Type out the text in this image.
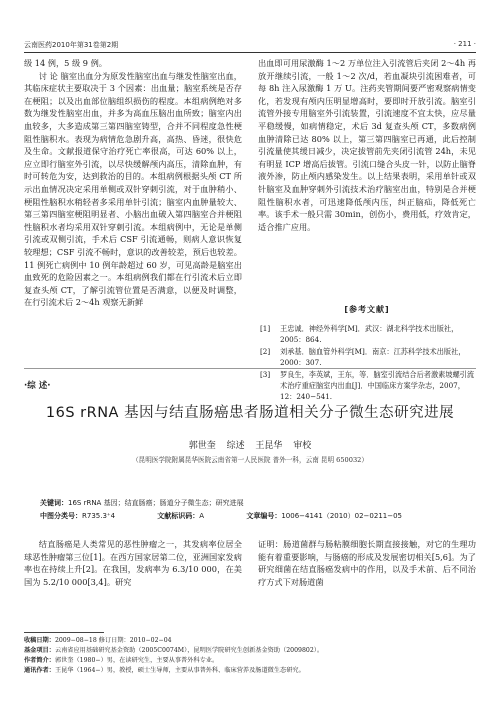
云南医药2010年第31卷第2期	· 211 ·

级 14 例，5 级 9 例。

讨 论 脑室出血分为原发性脑室出血与继发性脑室出血，其临床症状主要取决于 3 个因素：出血量；脑室系统是否存在梗阻；以及出血部位脑组织损伤的程度。本组病例绝对多数为继发性脑室出血，并多为高血压脑出血所致；脑室内出血较多，大多造成第三第四脑室铸型，合并不同程度急性梗阻性脑积水。表现为病情危急剧升高，高热、昏迷，很快危及生命。文献报道保守治疗死亡率很高，可达 60% 以上，应立即行脑室外引流，以尽快缓解颅内高压，清除血肿，有时可转危为安，达到救治的目的。本组病例根据头颅 CT 所示出血情况决定采用单侧或双针穿刺引流，对于血肿稍小、梗阻性脑积水稍轻者多采用单针引流；脑室内血肿量较大、第三第四脑室梗阻明显者、小脑出血破入第四脑室合并梗阻性脑积水者均采用双针穿刺引流。本组病例中，无论是单侧引流或双侧引流，手术后 CSF 引流通畅，则病人意识恢复较理想；CSF 引流不畅时，意识的改善较差，预后也较差。11 例死亡病例中 10 例年龄超过 60 岁，可见高龄是脑室出血致死的危险因素之一。本组病例我们都在行引流术后立即复查头颅 CT，了解引流管位置是否满意，以便及时调整，在行引流术后 2～4h 观察无新鲜

出血即可用尿激酶 1～2 万单位注入引流管后夹闭 2～4h 再放开继续引流，一般 1～2 次/d，若血凝块引流困难者，可每 8h 注入尿激酶 1 万 U。注药夹管期间要严密观察病情变化，若发现有颅内压明显增高时，要即时开放引流。脑室引流管外接专用脑室外引流装置，引流速度不宜太快，应尽量平稳缓慢，如病情稳定，术后 3d 复查头颅 CT，多数病例血肿清除已达 80% 以上，第三第四脑室已再通，此后控制引流量使其缓日减少，决定拔管前先夹闭引流管 24h，未见有明显 ICP 增高后拔管。引流口缝合头皮一针，以防止脑脊液外渗，防止颅内感染发生。以上结果表明，采用单针或双针脑室及血肿穿刺外引流技术治疗脑室出血，特别是合并梗阻性脑积水者，可迅速降低颅内压，纠正脑疝，降低死亡率。该手术一般只需 30min，创伤小，费用低，疗效肯定，适合推广应用。

[参考文献]
[1] 王忠诚．神经外科学[M]．武汉：湖北科学技术出版社，2005：864.
[2] 刘承基．脑血管外科学[M]．南京：江苏科学技术出版社，2000：307.
[3] 罗良生，李英斌，王东，等．脑室引流结合后者激素坡螺引流术治疗重症脑室内出血[J]．中国临床方案学杂志，2007，12：240−541.
·综 述·
16S rRNA 基因与结直肠癌患者肠道相关分子微生态研究进展
郭世奎 综述 王昆华 审校
（昆明医学院附属昆华医院云南省第一人民医院 普外一科，云南 昆明 650032）
关键词：16S rRNA 基因；结直肠癌；肠道分子微生态；研究进展
中图分类号：R735.3⁺4	文献标识码：A	文章编号：1006−4141（2010）02−0211−05

结直肠癌是人类常见的恶性肿瘤之一，其发病率位居全球恶性肿瘤第三位[1]。在西方国家居第二位，亚洲国家发病率也在持续上升[2]。在我国，发病率为 6.3/10 000，在美国为 5.2/10 000[3,4]。研究

证明：肠道菌群与肠粘膜细胞长期直接接触，对它的生理功能有着重要影响，与肠癌的形成及发展密切相关[5,6]。为了研究细菌在结直肠癌发病中的作用，以及手术前、后不同治疗方式下对肠道菌

收稿日期：2009−08−18 修订日期：2010−02−04
基金项目：云南省应用基础研究基金资助（2005C0074M），昆明医学院研究生创新基金资助（2009802）。
作者简介：郭世奎（1980−）男，在读研究生，主要从事普外科专业。
通讯作者：王昆华（1964−）男，教授，硕士生导师，主要从事普外科、临床营养及肠道微生态研究。
